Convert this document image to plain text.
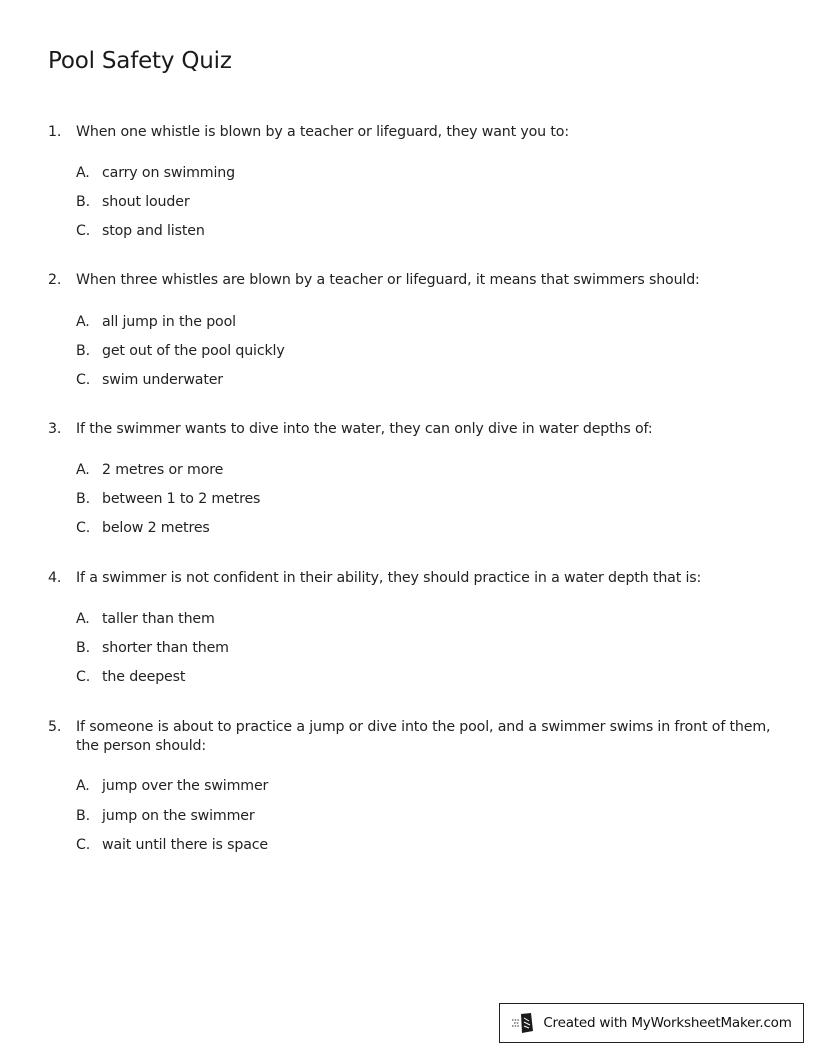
Pool Safety Quiz
1.	When one whistle is blown by a teacher or lifeguard, they want you to:
A. carry on swimming
B. shout louder
C. stop and listen
2.	When three whistles are blown by a teacher or lifeguard, it means that swimmers should:
A. all jump in the pool
B. get out of the pool quickly
C. swim underwater
3.	If the swimmer wants to dive into the water, they can only dive in water depths of:
A. 2 metres or more
B. between 1 to 2 metres
C. below 2 metres
4.	If a swimmer is not confident in their ability, they should practice in a water depth that is:
A. taller than them
B. shorter than them
C. the deepest
5.	If someone is about to practice a jump or dive into the pool, and a swimmer swims in front of them, the person should:
A. jump over the swimmer
B. jump on the swimmer
C. wait until there is space
Created with MyWorksheetMaker.com
